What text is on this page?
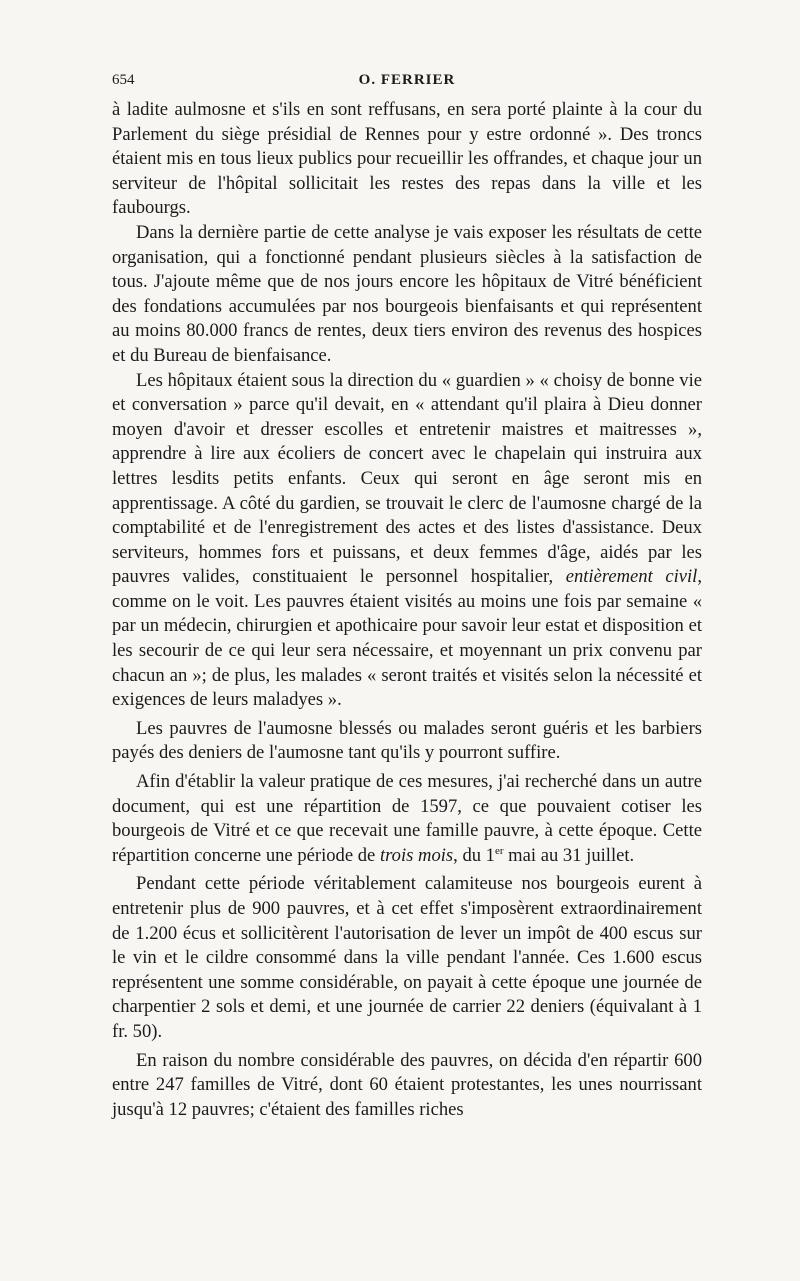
654	O. FERRIER

à ladite aulmosne et s'ils en sont reffusans, en sera porté plainte à la cour du Parlement du siège présidial de Rennes pour y estre ordonné ». Des troncs étaient mis en tous lieux publics pour recueillir les offrandes, et chaque jour un serviteur de l'hôpital sollicitait les restes des repas dans la ville et les faubourgs.

Dans la dernière partie de cette analyse je vais exposer les résultats de cette organisation, qui a fonctionné pendant plusieurs siècles à la satisfaction de tous. J'ajoute même que de nos jours encore les hôpitaux de Vitré bénéficient des fondations accumulées par nos bourgeois bienfaisants et qui représentent au moins 80.000 francs de rentes, deux tiers environ des revenus des hospices et du Bureau de bienfaisance.

Les hôpitaux étaient sous la direction du « guardien » « choisy de bonne vie et conversation » parce qu'il devait, en « attendant qu'il plaira à Dieu donner moyen d'avoir et dresser escolles et entretenir maistres et maitresses », apprendre à lire aux écoliers de concert avec le chapelain qui instruira aux lettres lesdits petits enfants. Ceux qui seront en âge seront mis en apprentissage. A côté du gardien, se trouvait le clerc de l'aumosne chargé de la comptabilité et de l'enregistrement des actes et des listes d'assistance. Deux serviteurs, hommes fors et puissans, et deux femmes d'âge, aidés par les pauvres valides, constituaient le personnel hospitalier, entièrement civil, comme on le voit. Les pauvres étaient visités au moins une fois par semaine « par un médecin, chirurgien et apothicaire pour savoir leur estat et disposition et les secourir de ce qui leur sera nécessaire, et moyennant un prix convenu par chacun an »; de plus, les malades « seront traités et visités selon la nécessité et exigences de leurs maladyes ».

Les pauvres de l'aumosne blessés ou malades seront guéris et les barbiers payés des deniers de l'aumosne tant qu'ils y pourront suffire.

Afin d'établir la valeur pratique de ces mesures, j'ai recherché dans un autre document, qui est une répartition de 1597, ce que pouvaient cotiser les bourgeois de Vitré et ce que recevait une famille pauvre, à cette époque. Cette répartition concerne une période de trois mois, du 1er mai au 31 juillet.

Pendant cette période véritablement calamiteuse nos bourgeois eurent à entretenir plus de 900 pauvres, et à cet effet s'imposèrent extraordinairement de 1.200 écus et sollicitèrent l'autorisation de lever un impôt de 400 escus sur le vin et le cildre consommé dans la ville pendant l'année. Ces 1.600 escus représentent une somme considérable, on payait à cette époque une journée de charpentier 2 sols et demi, et une journée de carrier 22 deniers (équivalant à 1 fr. 50).

En raison du nombre considérable des pauvres, on décida d'en répartir 600 entre 247 familles de Vitré, dont 60 étaient protestantes, les unes nourrissant jusqu'à 12 pauvres; c'étaient des familles riches
